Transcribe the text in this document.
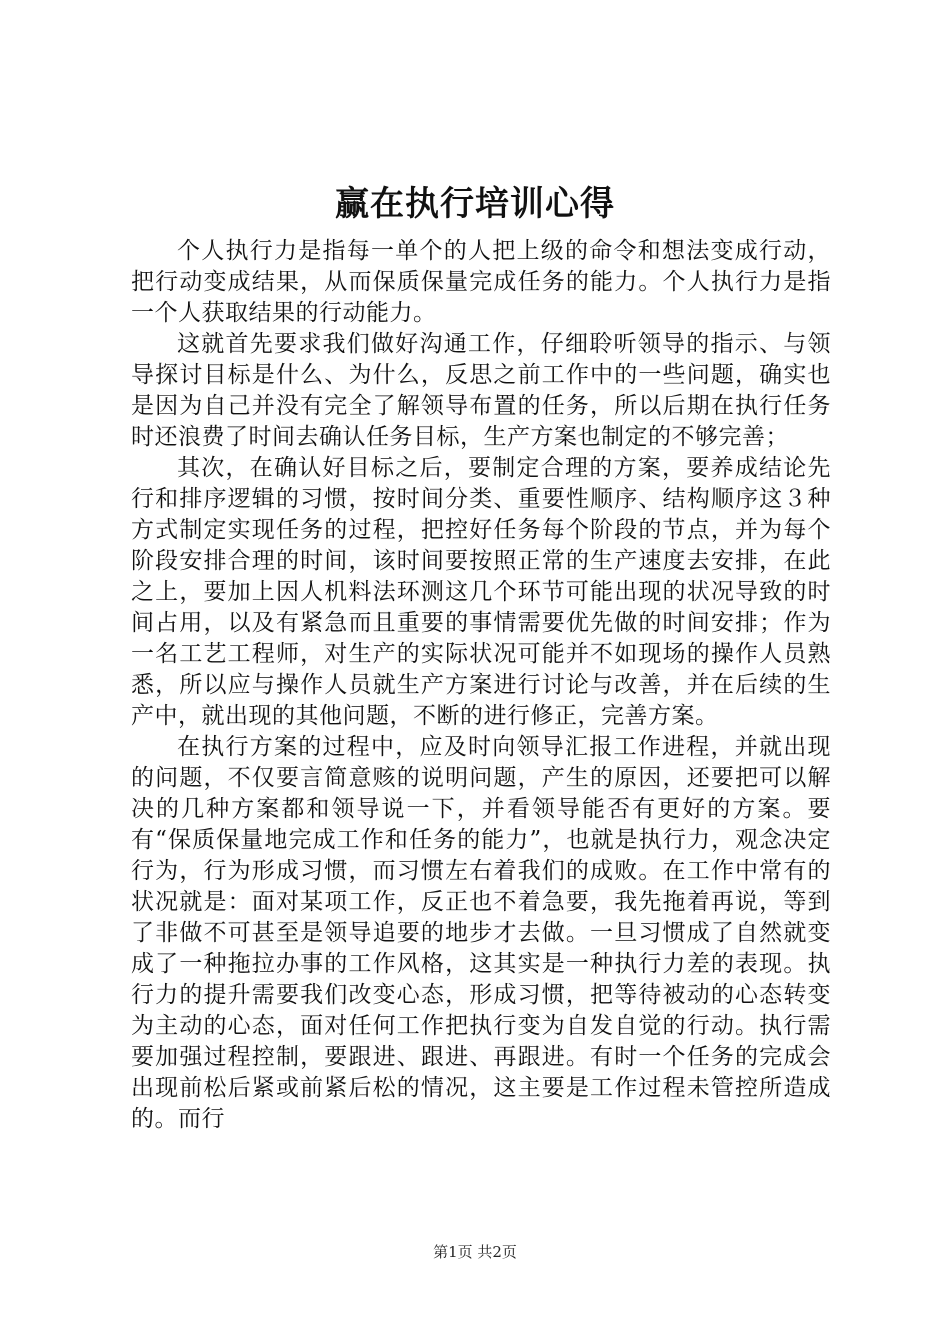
赢在执行培训心得

个人执行力是指每一单个的人把上级的命令和想法变成行动，把行动变成结果，从而保质保量完成任务的能力。个人执行力是指一个人获取结果的行动能力。

这就首先要求我们做好沟通工作，仔细聆听领导的指示、与领导探讨目标是什么、为什么，反思之前工作中的一些问题，确实也是因为自己并没有完全了解领导布置的任务，所以后期在执行任务时还浪费了时间去确认任务目标，生产方案也制定的不够完善；

其次，在确认好目标之后，要制定合理的方案，要养成结论先行和排序逻辑的习惯，按时间分类、重要性顺序、结构顺序这３种方式制定实现任务的过程，把控好任务每个阶段的节点，并为每个阶段安排合理的时间，该时间要按照正常的生产速度去安排，在此之上，要加上因人机料法环测这几个环节可能出现的状况导致的时间占用，以及有紧急而且重要的事情需要优先做的时间安排；作为一名工艺工程师，对生产的实际状况可能并不如现场的操作人员熟悉，所以应与操作人员就生产方案进行讨论与改善，并在后续的生产中，就出现的其他问题，不断的进行修正，完善方案。

在执行方案的过程中，应及时向领导汇报工作进程，并就出现的问题，不仅要言简意赅的说明问题，产生的原因，还要把可以解决的几种方案都和领导说一下，并看领导能否有更好的方案。要有“保质保量地完成工作和任务的能力”，也就是执行力，观念决定行为，行为形成习惯，而习惯左右着我们的成败。在工作中常有的状况就是：面对某项工作，反正也不着急要，我先拖着再说，等到了非做不可甚至是领导追要的地步才去做。一旦习惯成了自然就变成了一种拖拉办事的工作风格，这其实是一种执行力差的表现。执行力的提升需要我们改变心态，形成习惯，把等待被动的心态转变为主动的心态，面对任何工作把执行变为自发自觉的行动。执行需要加强过程控制，要跟进、跟进、再跟进。有时一个任务的完成会出现前松后紧或前紧后松的情况，这主要是工作过程未管控所造成的。而行

第1页 共2页
